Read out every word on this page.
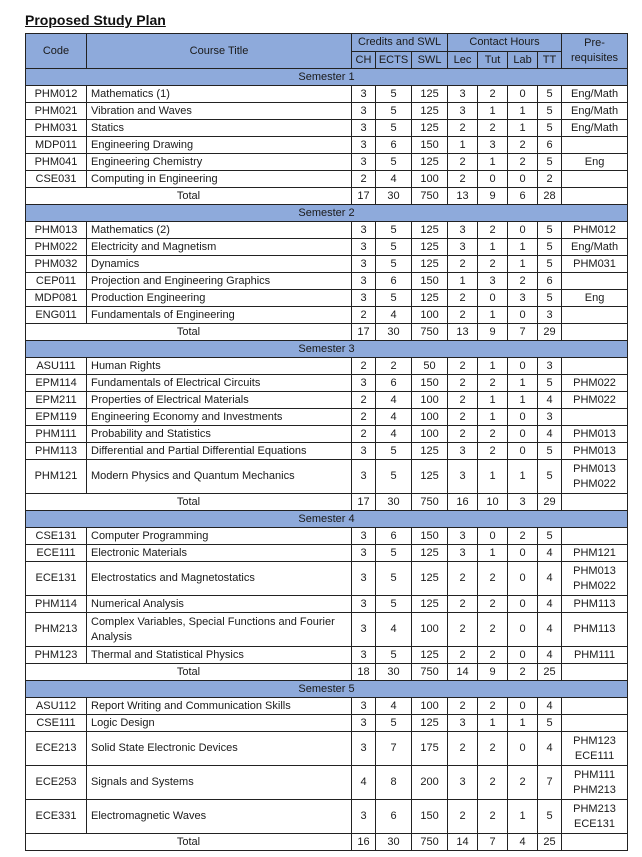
Proposed Study Plan
Code	Course Title	Credits and SWL			Contact Hours				Pre- requisites
		CH	ECTS	SWL	Lec	Tut	Lab	TT	
Semester 1									
PHM012	Mathematics (1)	3	5	125	3	2	0	5	Eng/Math

PHM021	Vibration and Waves	3	5	125	3	1	1	5	Eng/Math

PHM031	Statics	3	5	125	2	2	1	5	Eng/Math

MDP011	Engineering Drawing	3	6	150	1	3	2	6	
PHM041	Engineering Chemistry	3	5	125	2	1	2	5	Eng

CSE031	Computing in Engineering	2	4	100	2	0	0	2	
Total		17	30	750	13	9	6	28	
Semester 2									
PHM013	Mathematics (2)	3	5	125	3	2	0	5	PHM012

PHM022	Electricity and Magnetism	3	5	125	3	1	1	5	Eng/Math

PHM032	Dynamics	3	5	125	2	2	1	5	PHM031

CEP011	Projection and Engineering Graphics	3	6	150	1	3	2	6	
MDP081	Production Engineering	3	5	125	2	0	3	5	Eng

ENG011	Fundamentals of Engineering	2	4	100	2	1	0	3	
Total		17	30	750	13	9	7	29	
Semester 3									
ASU111	Human Rights	2	2	50	2	1	0	3	
EPM114	Fundamentals of Electrical Circuits	3	6	150	2	2	1	5	PHM022

EPM211	Properties of Electrical Materials	2	4	100	2	1	1	4	PHM022

EPM119	Engineering Economy and Investments	2	4	100	2	1	0	3	
PHM111	Probability and Statistics	2	4	100	2	2	0	4	PHM013

PHM113	Differential and Partial Differential Equations	3	5	125	3	2	0	5	PHM013

PHM121	Modern Physics and Quantum Mechanics	3	5	125	3	1	1	5	PHM013
PHM022

Total		17	30	750	16	10	3	29	
Semester 4									
CSE131	Computer Programming	3	6	150	3	0	2	5	
ECE111	Electronic Materials	3	5	125	3	1	0	4	PHM121

ECE131	Electrostatics and Magnetostatics	3	5	125	2	2	0	4	PHM013
PHM022

PHM114	Numerical Analysis	3	5	125	2	2	0	4	PHM113

PHM213	Complex Variables, Special Functions and Fourier Analysis	3	4	100	2	2	0	4	PHM113

PHM123	Thermal and Statistical Physics	3	5	125	2	2	0	4	PHM111

Total		18	30	750	14	9	2	25	
Semester 5									
ASU112	Report Writing and Communication Skills	3	4	100	2	2	0	4	
CSE111	Logic Design	3	5	125	3	1	1	5	
ECE213	Solid State Electronic Devices	3	7	175	2	2	0	4	PHM123
ECE111

ECE253	Signals and Systems	4	8	200	3	2	2	7	PHM111
PHM213

ECE331	Electromagnetic Waves	3	6	150	2	2	1	5	PHM213
ECE131

Total		16	30	750	14	7	4	25	
